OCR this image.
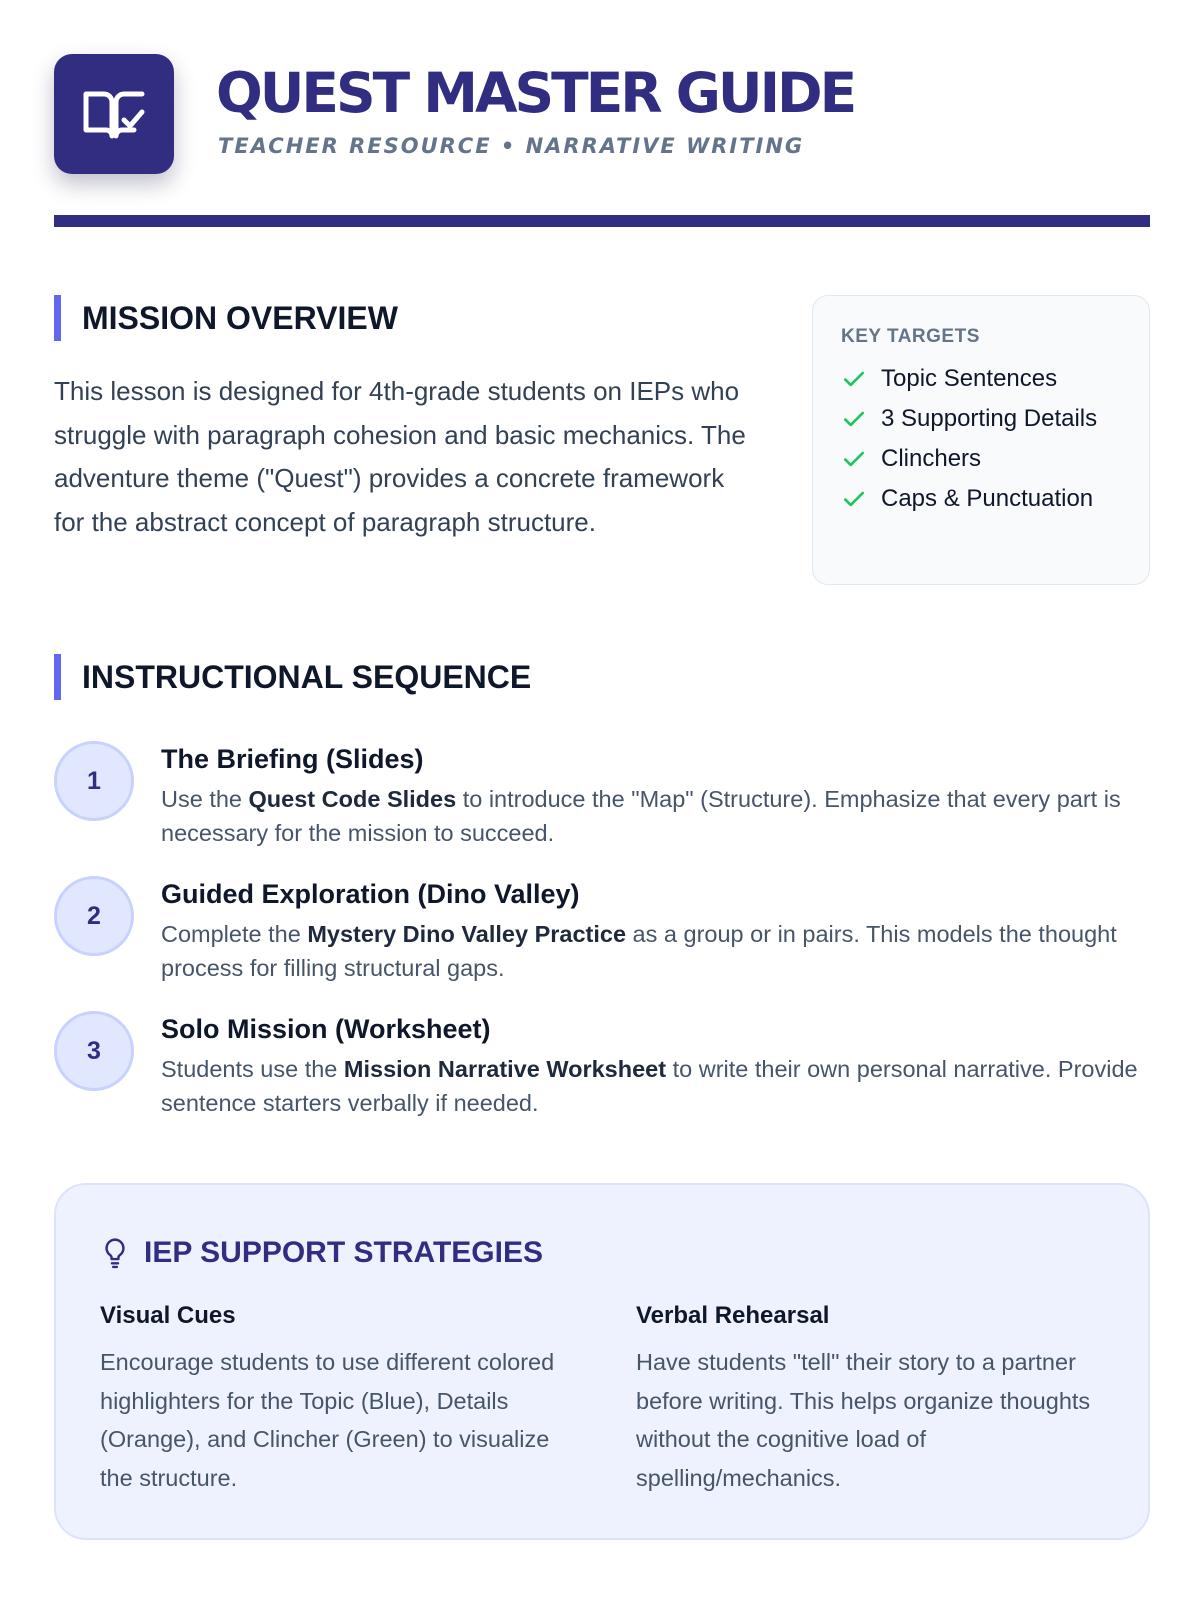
QUEST MASTER GUIDE
TEACHER RESOURCE • NARRATIVE WRITING
MISSION OVERVIEW
This lesson is designed for 4th-grade students on IEPs who struggle with paragraph cohesion and basic mechanics. The adventure theme ("Quest") provides a concrete framework for the abstract concept of paragraph structure.
KEY TARGETS
Topic Sentences
3 Supporting Details
Clinchers
Caps & Punctuation
INSTRUCTIONAL SEQUENCE
1
The Briefing (Slides)
Use the Quest Code Slides to introduce the "Map" (Structure). Emphasize that every part is necessary for the mission to succeed.
2
Guided Exploration (Dino Valley)
Complete the Mystery Dino Valley Practice as a group or in pairs. This models the thought process for filling structural gaps.
3
Solo Mission (Worksheet)
Students use the Mission Narrative Worksheet to write their own personal narrative. Provide sentence starters verbally if needed.
IEP SUPPORT STRATEGIES
Visual Cues
Encourage students to use different colored highlighters for the Topic (Blue), Details (Orange), and Clincher (Green) to visualize the structure.
Verbal Rehearsal
Have students "tell" their story to a partner before writing. This helps organize thoughts without the cognitive load of spelling/mechanics.
